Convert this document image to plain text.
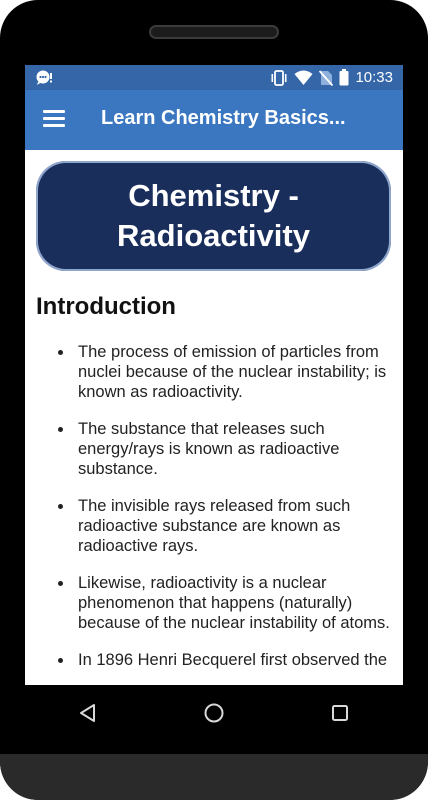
10:33
Learn Chemistry Basics...
Chemistry -
Radioactivity
Introduction
The process of emission of particles from nuclei because of the nuclear instability; is known as radioactivity.
The substance that releases such energy/rays is known as radioactive substance.
The invisible rays released from such radioactive substance are known as radioactive rays.
Likewise, radioactivity is a nuclear phenomenon that happens (naturally) because of the nuclear instability of atoms.
In 1896 Henri Becquerel first observed the
